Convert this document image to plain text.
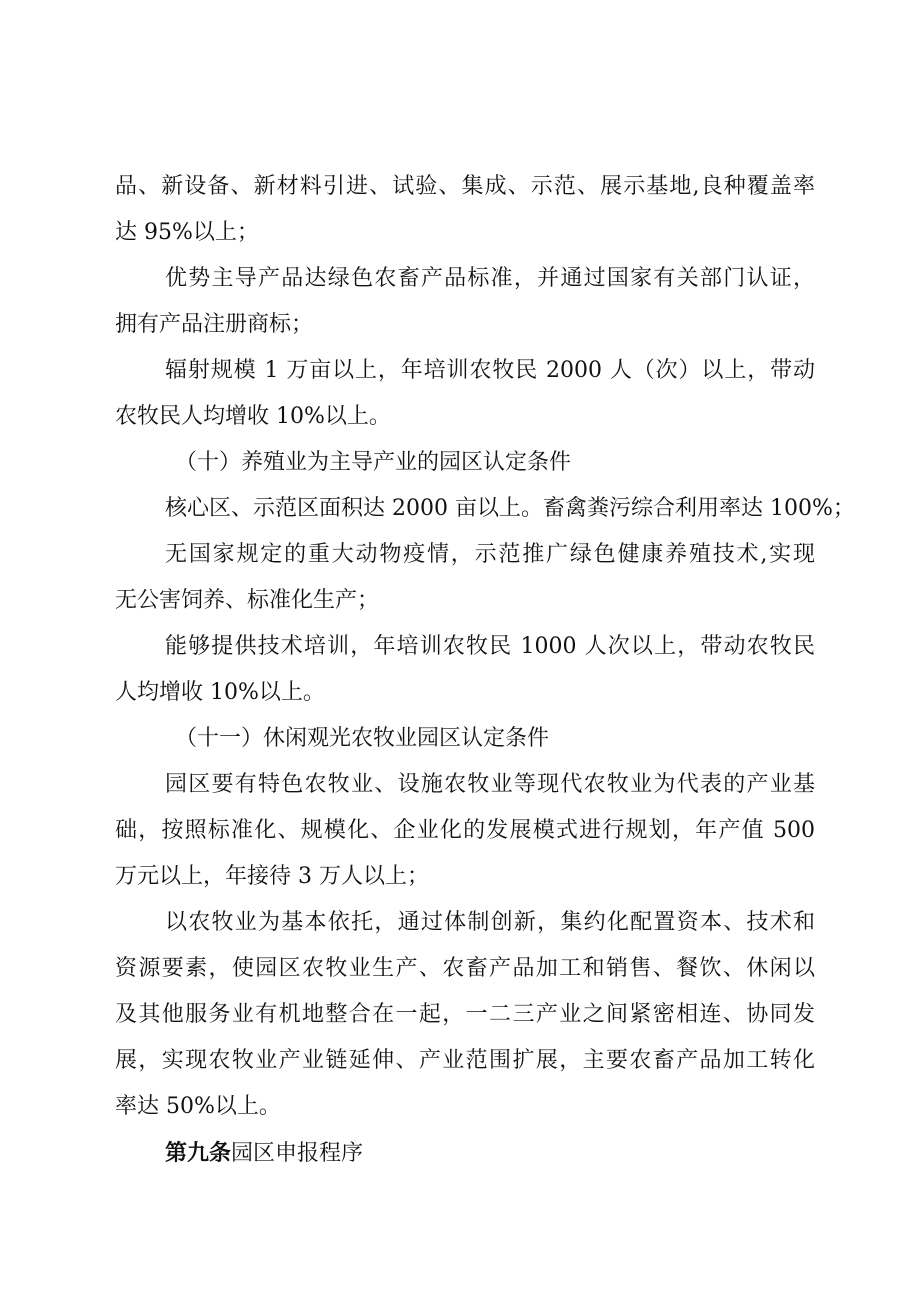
品、新设备、新材料引进、试验、集成、示范、展示基地,良种覆盖率
达 95%以上；
优势主导产品达绿色农畜产品标准，并通过国家有关部门认证，
拥有产品注册商标；
辐射规模 1 万亩以上，年培训农牧民 2000 人（次）以上，带动
农牧民人均增收 10%以上。
（十）养殖业为主导产业的园区认定条件
核心区、示范区面积达 2000 亩以上。畜禽粪污综合利用率达 100%；
无国家规定的重大动物疫情，示范推广绿色健康养殖技术,实现
无公害饲养、标准化生产；
能够提供技术培训，年培训农牧民 1000 人次以上，带动农牧民
人均增收 10%以上。
（十一）休闲观光农牧业园区认定条件
园区要有特色农牧业、设施农牧业等现代农牧业为代表的产业基
础，按照标准化、规模化、企业化的发展模式进行规划，年产值 500
万元以上，年接待 3 万人以上；
以农牧业为基本依托，通过体制创新，集约化配置资本、技术和
资源要素，使园区农牧业生产、农畜产品加工和销售、餐饮、休闲以
及其他服务业有机地整合在一起，一二三产业之间紧密相连、协同发
展，实现农牧业产业链延伸、产业范围扩展，主要农畜产品加工转化
率达 50%以上。
第九条园区申报程序
